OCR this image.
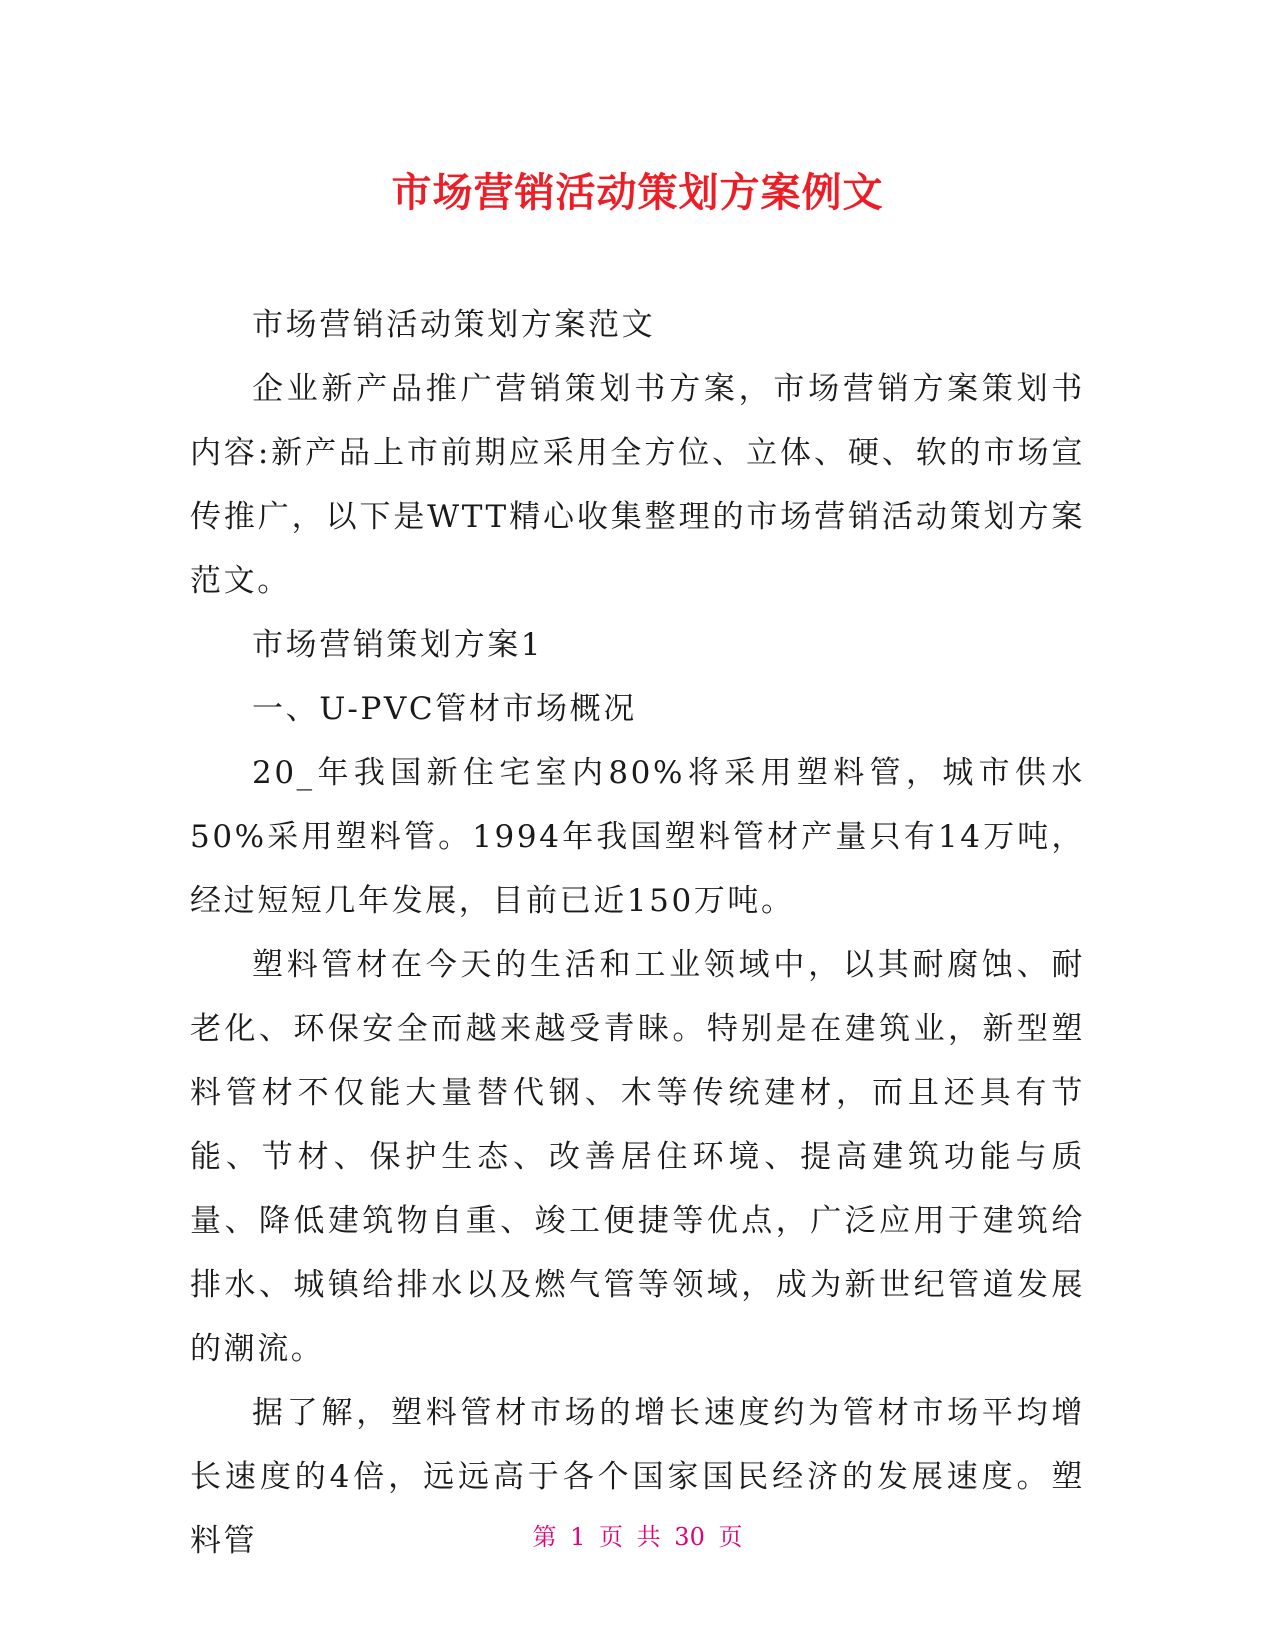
市场营销活动策划方案例文

市场营销活动策划方案范文

企业新产品推广营销策划书方案，市场营销方案策划书内容:新产品上市前期应采用全方位、立体、硬、软的市场宣传推广，以下是WTT精心收集整理的市场营销活动策划方案范文。

市场营销策划方案1

一、U-PVC管材市场概况

20_年我国新住宅室内80%将采用塑料管，城市供水50%采用塑料管。1994年我国塑料管材产量只有14万吨，经过短短几年发展，目前已近150万吨。

塑料管材在今天的生活和工业领域中，以其耐腐蚀、耐老化、环保安全而越来越受青睐。特别是在建筑业，新型塑料管材不仅能大量替代钢、木等传统建材，而且还具有节能、节材、保护生态、改善居住环境、提高建筑功能与质量、降低建筑物自重、竣工便捷等优点，广泛应用于建筑给排水、城镇给排水以及燃气管等领域，成为新世纪管道发展的潮流。

据了解，塑料管材市场的增长速度约为管材市场平均增长速度的4倍，远远高于各个国家国民经济的发展速度。塑料管	第 1 页 共 30 页
